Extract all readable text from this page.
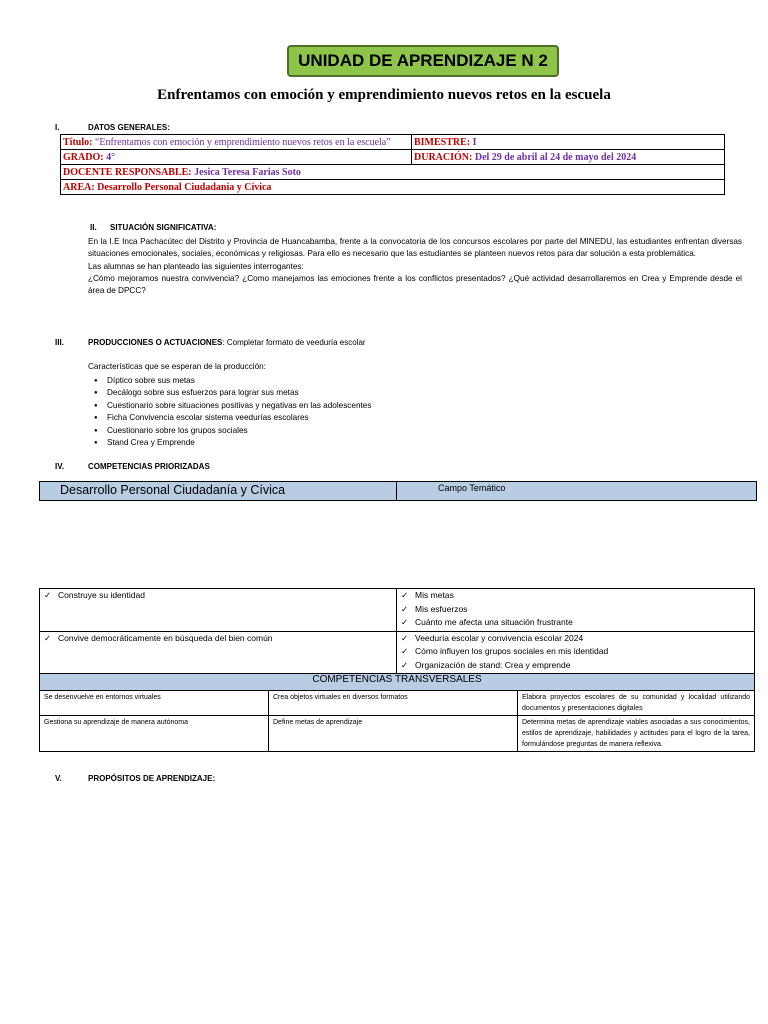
UNIDAD DE APRENDIZAJE N 2
Enfrentamos con emoción y emprendimiento nuevos retos en la escuela
I.	DATOS GENERALES:
Título: “Enfrentamos con emoción y emprendimiento nuevos retos en la escuela”	BIMESTRE: I
GRADO: 4°	DURACIÓN: Del 29 de abril al 24 de mayo del 2024
DOCENTE RESPONSABLE: Jesica Teresa Farias Soto	
AREA: Desarrollo Personal Ciudadanía y Cívica	
II. SITUACIÓN SIGNIFICATIVA:
En la I.E Inca Pachacútec del Distrito y Provincia de Huancabamba, frente a la convocatoria de los concursos escolares por parte del MINEDU, las estudiantes enfrentan diversas situaciones emocionales, sociales, económicas y religiosas. Para ello es necesario que las estudiantes se planteen nuevos retos para dar solución a esta problemática.
Las alumnas se han planteado las siguientes interrogantes:
¿Cómo mejoramos nuestra convivencia? ¿Como manejamos las emociones frente a los conflictos presentados? ¿Qué actividad desarrollaremos en Crea y Emprende desde el área de DPCC?
III.	PRODUCCIONES O ACTUACIONES: Completar formato de veeduría escolar
Características que se esperan de la producción:
● Díptico sobre sus metas
● Decálogo sobre sus esfuerzos para lograr sus metas
● Cuestionario sobre situaciones positivas y negativas en las adolescentes
● Ficha Convivencia escolar sistema veedurías escolares
● Cuestionario sobre los grupos sociales
● Stand Crea y Emprende
IV.	COMPETENCIAS PRIORIZADAS
Desarrollo Personal Ciudadanía y Cívica	Campo Temático
✓ Construye su identidad	✓ Mis metas
✓ Mis esfuerzos
✓ Cuánto me afecta una situación frustrante

✓ Convive democráticamente en búsqueda del bien común	✓ Veeduría escolar y convivencia escolar 2024
✓ Cómo influyen los grupos sociales en mis identidad
✓ Organización de stand: Crea y emprende

COMPETENCIAS TRANSVERSALES
Se desenvuelve en entornos virtuales	Crea objetos virtuales en diversos formatos	Elabora proyectos escolares de su comunidad y localidad utilizando documentos y presentaciones digitales
Gestiona su aprendizaje de manera autónoma	Define metas de aprendizaje	Determina metas de aprendizaje viables asociadas a sus conocimientos, estilos de aprendizaje, habilidades y actitudes para el logro de la tarea, formulándose preguntas de manera reflexiva.
V.	PROPÓSITOS DE APRENDIZAJE:
